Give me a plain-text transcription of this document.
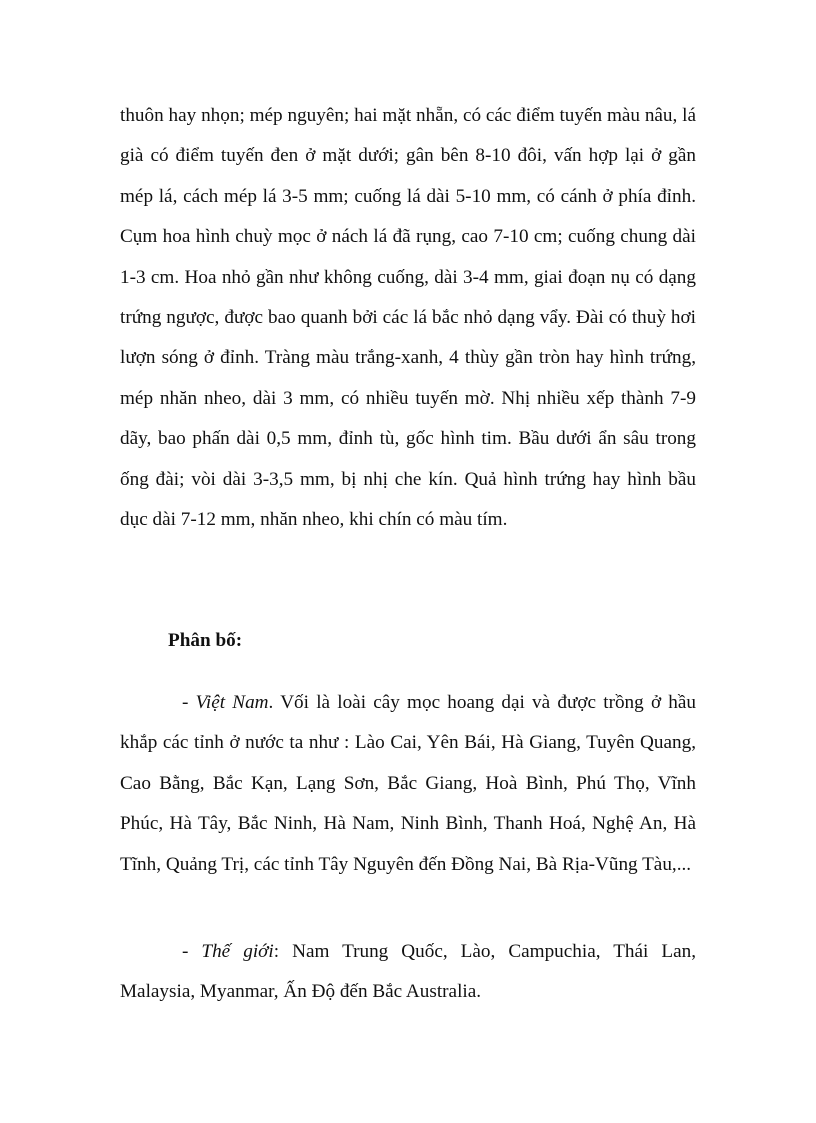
thuôn hay nhọn; mép nguyên; hai mặt nhẵn, có các điểm tuyến màu nâu, lá già có điểm tuyến đen ở mặt dưới; gân bên 8-10 đôi, vấn hợp lại ở gần mép lá, cách mép lá 3-5 mm; cuống lá dài 5-10 mm, có cánh ở phía đỉnh. Cụm hoa hình chuỳ mọc ở nách lá đã rụng, cao 7-10 cm; cuống chung dài 1-3 cm. Hoa nhỏ gần như không cuống, dài 3-4 mm, giai đoạn nụ có dạng trứng ngược, được bao quanh bởi các lá bắc nhỏ dạng vẩy. Đài có thuỳ hơi lượn sóng ở đỉnh. Tràng màu trắng-xanh, 4 thùy gần tròn hay hình trứng, mép nhăn nheo, dài 3 mm, có nhiều tuyến mờ. Nhị nhiều xếp thành 7-9 dãy, bao phấn dài 0,5 mm, đỉnh tù, gốc hình tim. Bầu dưới ẩn sâu trong ống đài; vòi dài 3-3,5 mm, bị nhị che kín. Quả hình trứng hay hình bầu dục dài 7-12 mm, nhăn nheo, khi chín có màu tím.

Phân bố:

- Việt Nam. Vối là loài cây mọc hoang dại và được trồng ở hầu khắp các tỉnh ở nước ta như : Lào Cai, Yên Bái, Hà Giang, Tuyên Quang, Cao Bằng, Bắc Kạn, Lạng Sơn, Bắc Giang, Hoà Bình, Phú Thọ, Vĩnh Phúc, Hà Tây, Bắc Ninh, Hà Nam, Ninh Bình, Thanh Hoá, Nghệ An, Hà Tĩnh, Quảng Trị, các tỉnh Tây Nguyên đến Đồng Nai, Bà Rịa-Vũng Tàu,...

- Thế giới: Nam Trung Quốc, Lào, Campuchia, Thái Lan, Malaysia, Myanmar, Ấn Độ đến Bắc Australia.
